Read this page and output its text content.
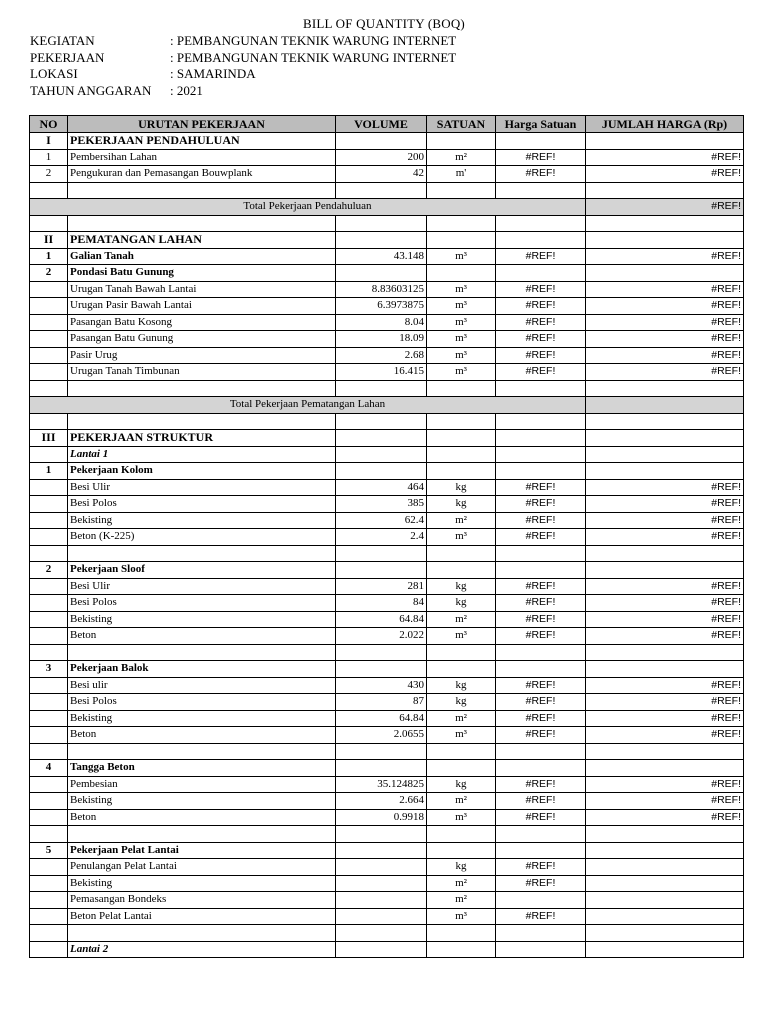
BILL OF QUANTITY (BOQ)
KEGIATAN	: PEMBANGUNAN TEKNIK WARUNG INTERNET
PEKERJAAN	: PEMBANGUNAN TEKNIK WARUNG INTERNET
LOKASI	: SAMARINDA
TAHUN ANGGARAN	: 2021
NO	URUTAN PEKERJAAN	VOLUME	SATUAN	Harga Satuan	JUMLAH HARGA (Rp)
I	PEKERJAAN PENDAHULUAN				
1	Pembersihan Lahan	200	m²	#REF!	#REF!
2	Pengukuran dan Pemasangan Bouwplank	42	m'	#REF!	#REF!

Total Pekerjaan Pendahuluan					#REF!

II	PEMATANGAN LAHAN				
1	Galian Tanah	43.148	m³	#REF!	#REF!
2	Pondasi Batu Gunung				
	Urugan Tanah Bawah Lantai	8.83603125	m³	#REF!	#REF!
	Urugan Pasir Bawah Lantai	6.3973875	m³	#REF!	#REF!
	Pasangan Batu Kosong	8.04	m³	#REF!	#REF!
	Pasangan Batu Gunung	18.09	m³	#REF!	#REF!
	Pasir Urug	2.68	m³	#REF!	#REF!
	Urugan Tanah Timbunan	16.415	m³	#REF!	#REF!

Total Pekerjaan Pematangan Lahan					

III	PEKERJAAN STRUKTUR				
	Lantai 1				
1	Pekerjaan Kolom				
	Besi Ulir	464	kg	#REF!	#REF!
	Besi Polos	385	kg	#REF!	#REF!
	Bekisting	62.4	m²	#REF!	#REF!
	Beton (K-225)	2.4	m³	#REF!	#REF!

2	Pekerjaan Sloof				
	Besi Ulir	281	kg	#REF!	#REF!
	Besi Polos	84	kg	#REF!	#REF!
	Bekisting	64.84	m²	#REF!	#REF!
	Beton	2.022	m³	#REF!	#REF!

3	Pekerjaan Balok				
	Besi ulir	430	kg	#REF!	#REF!
	Besi Polos	87	kg	#REF!	#REF!
	Bekisting	64.84	m²	#REF!	#REF!
	Beton	2.0655	m³	#REF!	#REF!

4	Tangga Beton				
	Pembesian	35.124825	kg	#REF!	#REF!
	Bekisting	2.664	m²	#REF!	#REF!
	Beton	0.9918	m³	#REF!	#REF!

5	Pekerjaan Pelat Lantai				
	Penulangan Pelat Lantai		kg	#REF!	
	Bekisting		m²	#REF!	
	Pemasangan Bondeks		m²		
	Beton Pelat Lantai		m³	#REF!	

	Lantai 2				
